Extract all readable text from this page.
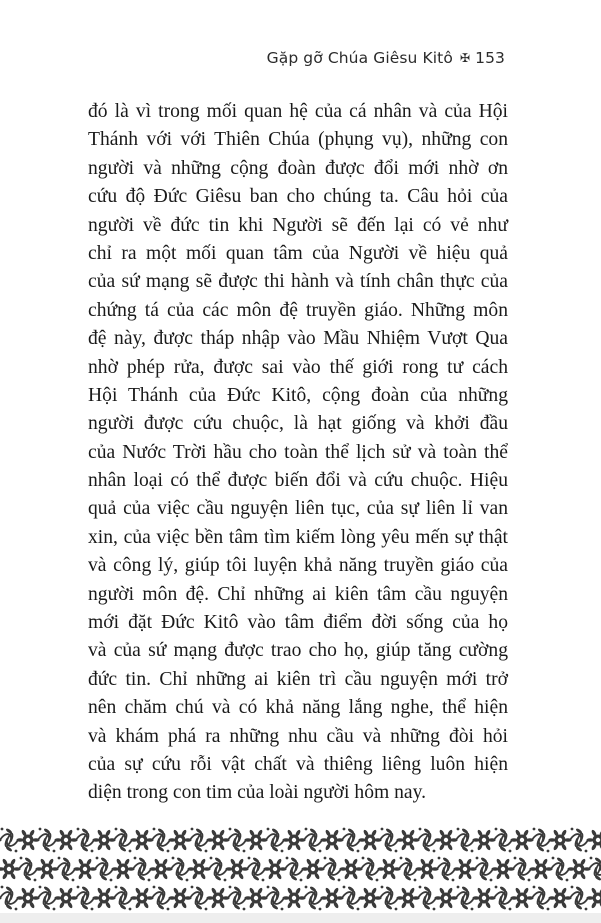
Gặp gỡ Chúa Giêsu Kitô ✠ 153
đó là vì trong mối quan hệ của cá nhân và của Hội
Thánh với với Thiên Chúa (phụng vụ), những con
người và những cộng đoàn được đổi mới nhờ ơn
cứu độ Đức Giêsu ban cho chúng ta. Câu hỏi của
người về đức tin khi Người sẽ đến lại có vẻ như
chỉ ra một mối quan tâm của Người về hiệu quả
của sứ mạng sẽ được thi hành và tính chân thực của
chứng tá của các môn đệ truyền giáo. Những môn
đệ này, được tháp nhập vào Mầu Nhiệm Vượt Qua
nhờ phép rửa, được sai vào thế giới rong tư cách
Hội Thánh của Đức Kitô, cộng đoàn của những
người được cứu chuộc, là hạt giống và khởi đầu
của Nước Trời hầu cho toàn thể lịch sử và toàn thể
nhân loại có thể được biến đổi và cứu chuộc. Hiệu
quả của việc cầu nguyện liên tục, của sự liên lỉ van
xin, của việc bền tâm tìm kiếm lòng yêu mến sự thật
và công lý, giúp tôi luyện khả năng truyền giáo của
người môn đệ. Chỉ những ai kiên tâm cầu nguyện
mới đặt Đức Kitô vào tâm điểm đời sống của họ
và của sứ mạng được trao cho họ, giúp tăng cường
đức tin. Chỉ những ai kiên trì cầu nguyện mới trở
nên chăm chú và có khả năng lắng nghe, thể hiện
và khám phá ra những nhu cầu và những đòi hỏi
của sự cứu rỗi vật chất và thiêng liêng luôn hiện
diện trong con tim của loài người hôm nay.
